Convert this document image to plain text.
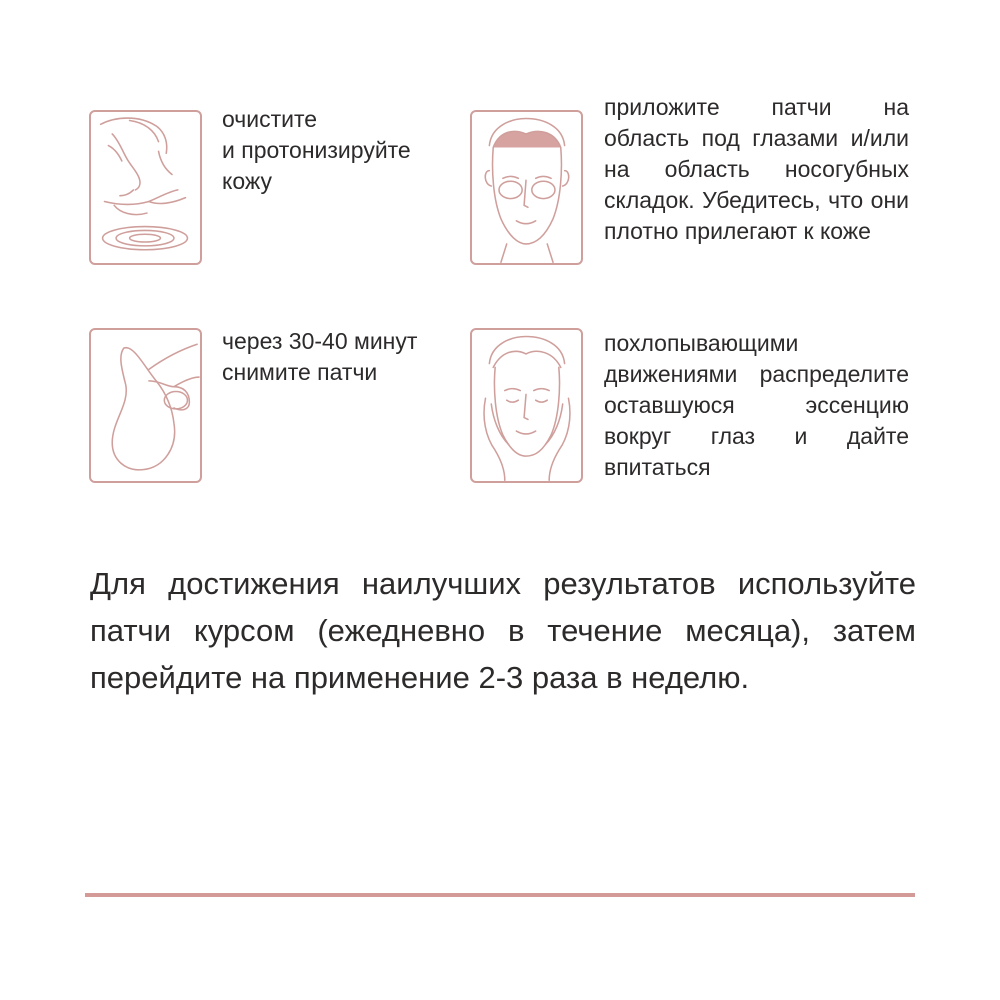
очистите
и протонизируйте
кожу

приложите патчи на область под глазами и/или на область носогубных складок. Убедитесь, что они плотно прилегают к коже

через 30-40 минут
снимите патчи

похлопывающими движениями распределите оставшуюся эссенцию вокруг глаз и дайте впитаться

Для достижения наилучших результатов используйте патчи курсом (ежедневно в течение месяца), затем перейдите на применение 2-3 раза в неделю.
